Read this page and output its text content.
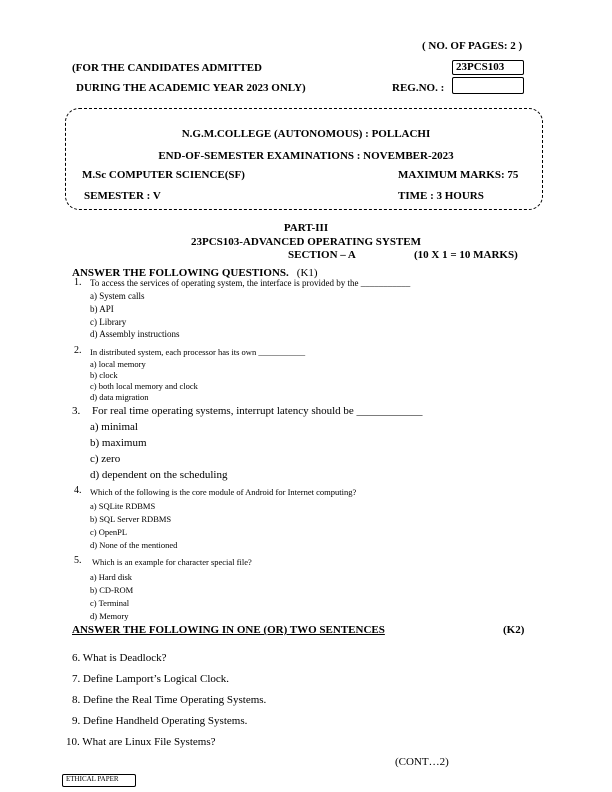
( NO. OF PAGES: 2 )
(FOR THE CANDIDATES ADMITTED
DURING THE ACADEMIC YEAR 2023 ONLY)
23PCS103
REG.NO. :
N.G.M.COLLEGE (AUTONOMOUS) : POLLACHI
END-OF-SEMESTER EXAMINATIONS : NOVEMBER-2023
M.Sc COMPUTER SCIENCE(SF)	MAXIMUM MARKS: 75
SEMESTER : V	TIME : 3 HOURS
PART-III
23PCS103-ADVANCED OPERATING SYSTEM
SECTION – A	(10 X 1 = 10 MARKS)
ANSWER THE FOLLOWING QUESTIONS. (K1)
1. To access the services of operating system, the interface is provided by the ___________
a) System calls
b) API
c) Library
d) Assembly instructions
2. In distributed system, each processor has its own ___________
a) local memory
b) clock
c) both local memory and clock
d) data migration
3. For real time operating systems, interrupt latency should be ____________
a) minimal
b) maximum
c) zero
d) dependent on the scheduling
4. Which of the following is the core module of Android for Internet computing?
a) SQLite RDBMS
b) SQL Server RDBMS
c) OpenPL
d) None of the mentioned
5. Which is an example for character special file?
a) Hard disk
b) CD-ROM
c) Terminal
d) Memory
ANSWER THE FOLLOWING IN ONE (OR) TWO SENTENCES	(K2)
6. What is Deadlock?
7. Define Lamport’s Logical Clock.
8. Define the Real Time Operating Systems.
9. Define Handheld Operating Systems.
10. What are Linux File Systems?
(CONT…2)
ETHICAL PAPER
